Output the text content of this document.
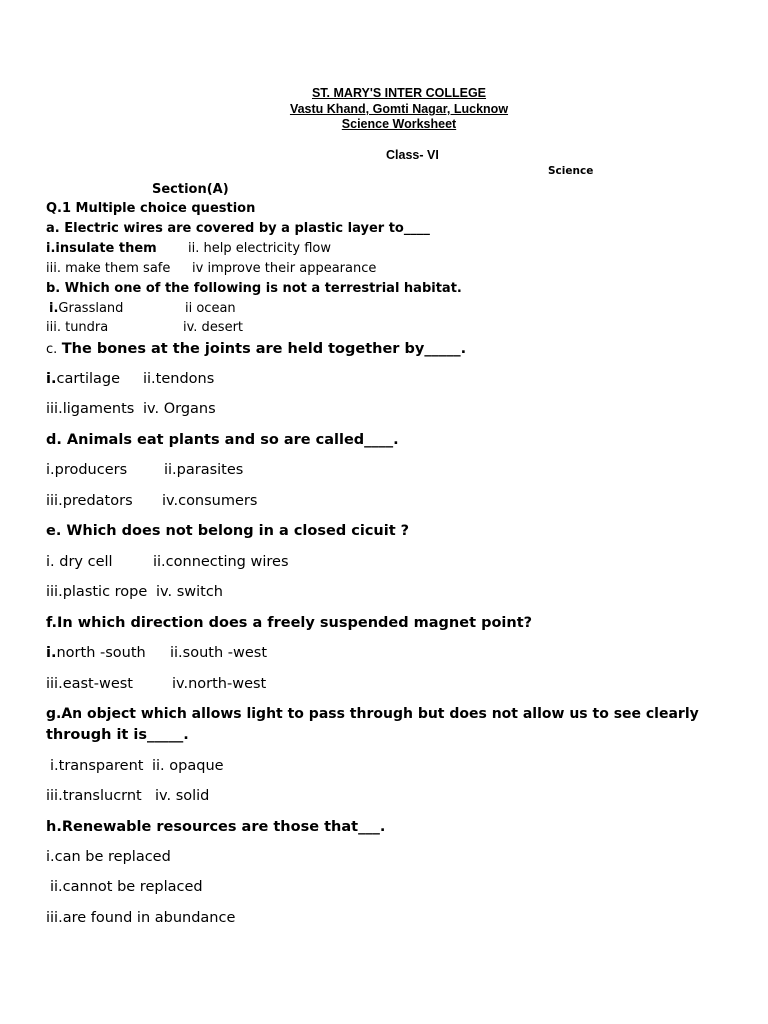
ST. MARY'S INTER COLLEGE
Vastu Khand, Gomti Nagar, Lucknow
Science Worksheet
Class- VI
Science
Section(A)
Q.1 Multiple choice question
a. Electric wires are covered by a plastic layer to____
i.insulate them ii. help electricity flow
iii. make them safe iv improve their appearance
b. Which one of the following is not a terrestrial habitat.
i.Grassland	ii ocean
iii. tundra	iv. desert
c. The bones at the joints are held together by_____.
i.cartilage ii.tendons
iii.ligaments iv. Organs
d. Animals eat plants and so are called____.
i.producers	ii.parasites
iii.predators iv.consumers
e. Which does not belong in a closed cicuit ?
i. dry cell	ii.connecting wires
iii.plastic rope iv. switch
f.In which direction does a freely suspended magnet point?
i.north -south ii.south -west
iii.east-west	iv.north-west
g.An object which allows light to pass through but does not allow us to see clearly
through it is_____.
i.transparent ii. opaque
iii.translucrnt iv. solid
h.Renewable resources are those that___.
i.can be replaced
ii.cannot be replaced
iii.are found in abundance
